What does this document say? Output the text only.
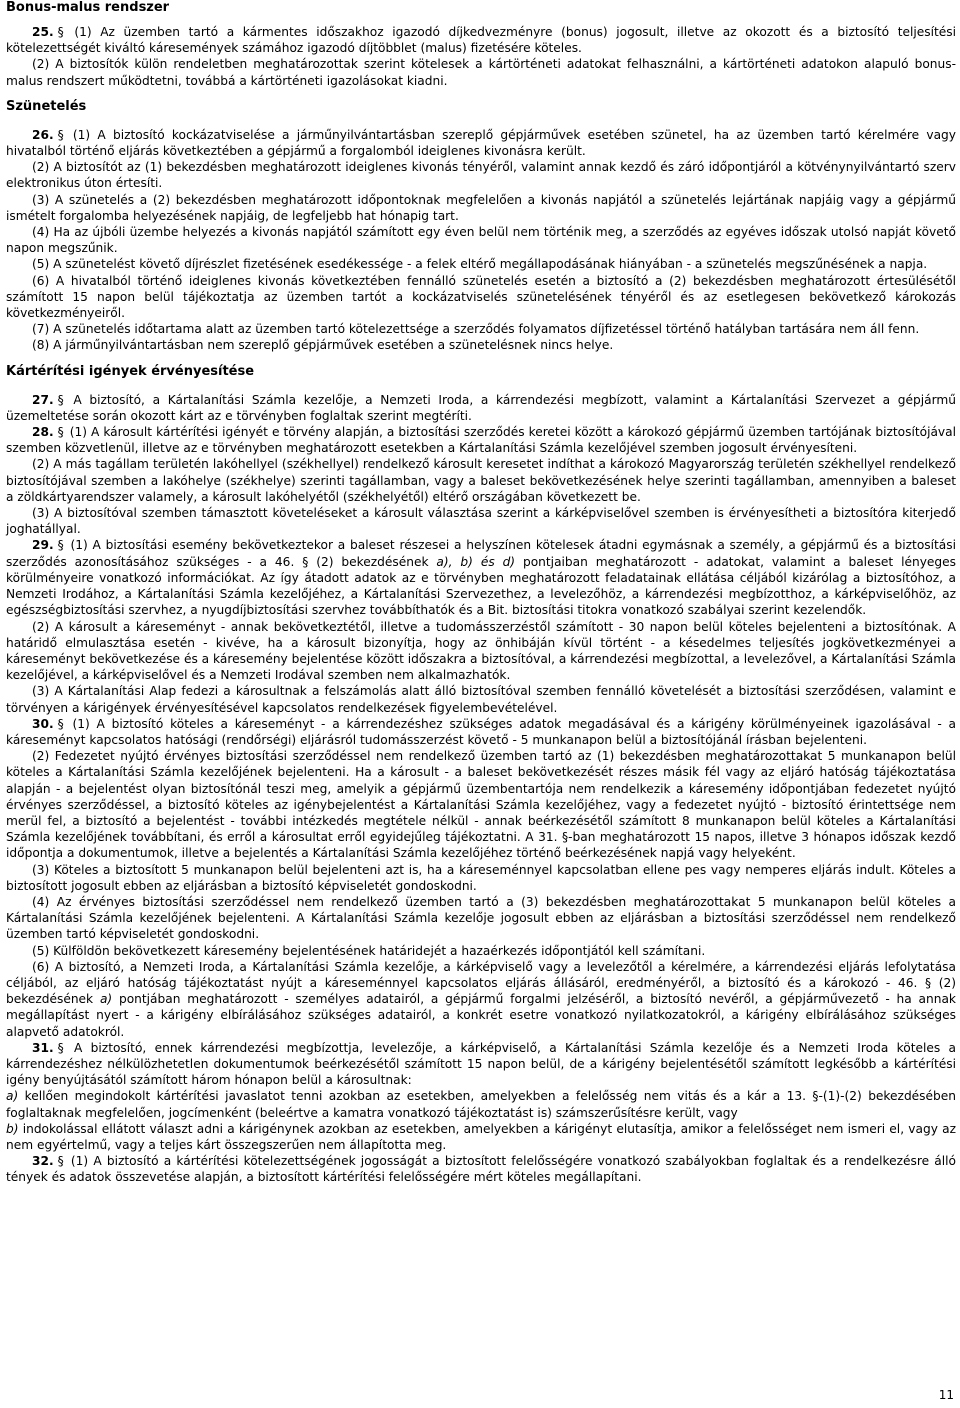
Bonus-malus rendszer

25. § (1) Az üzemben tartó a kármentes időszakhoz igazodó díjkedvezményre (bonus) jogosult, illetve az okozott és a biztosító teljesítési kötelezettségét kiváltó káresemények számához igazodó díjtöbblet (malus) fizetésére köteles.

(2) A biztosítók külön rendeletben meghatározottak szerint kötelesek a kártörténeti adatokat felhasználni, a kártörténeti adatokon alapuló bonus-malus rendszert működtetni, továbbá a kártörténeti igazolásokat kiadni.

Szünetelés

26. § (1) A biztosító kockázatviselése a járműnyilvántartásban szereplő gépjárművek esetében szünetel, ha az üzemben tartó kérelmére vagy hivatalból történő eljárás következtében a gépjármű a forgalomból ideiglenes kivonásra került.

(2) A biztosítót az (1) bekezdésben meghatározott ideiglenes kivonás tényéről, valamint annak kezdő és záró időpontjáról a kötvénynyilvántartó szerv elektronikus úton értesíti.

(3) A szünetelés a (2) bekezdésben meghatározott időpontoknak megfelelően a kivonás napjától a szünetelés lejártának napjáig vagy a gépjármű ismételt forgalomba helyezésének napjáig, de legfeljebb hat hónapig tart.

(4) Ha az újbóli üzembe helyezés a kivonás napjától számított egy éven belül nem történik meg, a szerződés az egyéves időszak utolsó napját követő napon megszűnik.

(5) A szünetelést követő díjrészlet fizetésének esedékessége - a felek eltérő megállapodásának hiányában - a szünetelés megszűnésének a napja.

(6) A hivatalból történő ideiglenes kivonás következtében fennálló szünetelés esetén a biztosító a (2) bekezdésben meghatározott értesülésétől számított 15 napon belül tájékoztatja az üzemben tartót a kockázatviselés szünetelésének tényéről és az esetlegesen bekövetkező károkozás következményeiről.

(7) A szünetelés időtartama alatt az üzemben tartó kötelezettsége a szerződés folyamatos díjfizetéssel történő hatályban tartására nem áll fenn.

(8) A járműnyilvántartásban nem szereplő gépjárművek esetében a szünetelésnek nincs helye.

Kártérítési igények érvényesítése

27. § A biztosító, a Kártalanítási Számla kezelője, a Nemzeti Iroda, a kárrendezési megbízott, valamint a Kártalanítási Szervezet a gépjármű üzemeltetése során okozott kárt az e törvényben foglaltak szerint megtéríti.

28. § (1) A károsult kártérítési igényét e törvény alapján, a biztosítási szerződés keretei között a károkozó gépjármű üzemben tartójának biztosítójával szemben közvetlenül, illetve az e törvényben meghatározott esetekben a Kártalanítási Számla kezelőjével szemben jogosult érvényesíteni.

(2) A más tagállam területén lakóhellyel (székhellyel) rendelkező károsult keresetet indíthat a károkozó Magyarország területén székhellyel rendelkező biztosítójával szemben a lakóhelye (székhelye) szerinti tagállamban, vagy a baleset bekövetkezésének helye szerinti tagállamban, amennyiben a baleset a zöldkártyarendszer valamely, a károsult lakóhelyétől (székhelyétől) eltérő országában következett be.

(3) A biztosítóval szemben támasztott követeléseket a károsult választása szerint a kárképviselővel szemben is érvényesítheti a biztosítóra kiterjedő joghatállyal.

29. § (1) A biztosítási esemény bekövetkeztekor a baleset részesei a helyszínen kötelesek átadni egymásnak a személy, a gépjármű és a biztosítási szerződés azonosításához szükséges - a 46. § (2) bekezdésének a), b) és d) pontjaiban meghatározott - adatokat, valamint a baleset lényeges körülményeire vonatkozó információkat. Az így átadott adatok az e törvényben meghatározott feladatainak ellátása céljából kizárólag a biztosítóhoz, a Nemzeti Irodához, a Kártalanítási Számla kezelőjéhez, a Kártalanítási Szervezethez, a levelezőhöz, a kárrendezési megbízotthoz, a kárképviselőhöz, az egészségbiztosítási szervhez, a nyugdíjbiztosítási szervhez továbbíthatók és a Bit. biztosítási titokra vonatkozó szabályai szerint kezelendők.

(2) A károsult a káreseményt - annak bekövetkeztétől, illetve a tudomásszerzéstől számított - 30 napon belül köteles bejelenteni a biztosítónak. A határidő elmulasztása esetén - kivéve, ha a károsult bizonyítja, hogy az önhibáján kívül történt - a késedelmes teljesítés jogkövetkezményei a káreseményt bekövetkezése és a káresemény bejelentése között időszakra a biztosítóval, a kárrendezési megbízottal, a levelezővel, a Kártalanítási Számla kezelőjével, a kárképviselővel és a Nemzeti Irodával szemben nem alkalmazhatók.

(3) A Kártalanítási Alap fedezi a károsultnak a felszámolás alatt álló biztosítóval szemben fennálló követelését a biztosítási szerződésen, valamint e törvényen a kárigények érvényesítésével kapcsolatos rendelkezések figyelembevételével.

30. § (1) A biztosító köteles a káreseményt - a kárrendezéshez szükséges adatok megadásával és a kárigény körülményeinek igazolásával - a káreseményt kapcsolatos hatósági (rendőrségi) eljárásról tudomásszerzést követő - 5 munkanapon belül a biztosítójánál írásban bejelenteni.

(2) Fedezetet nyújtó érvényes biztosítási szerződéssel nem rendelkező üzemben tartó az (1) bekezdésben meghatározottakat 5 munkanapon belül köteles a Kártalanítási Számla kezelőjének bejelenteni. Ha a károsult - a baleset bekövetkezését részes másik fél vagy az eljáró hatóság tájékoztatása alapján - a bejelentést olyan biztosítónál teszi meg, amelyik a gépjármű üzembentartója nem rendelkezik a káresemény időpontjában fedezetet nyújtó érvényes szerződéssel, a biztosító köteles az igénybejelentést a Kártalanítási Számla kezelőjéhez, vagy a fedezetet nyújtó - biztosító érintettsége nem merül fel, a biztosító a bejelentést - további intézkedés megtétele nélkül - annak beérkezésétől számított 8 munkanapon belül köteles a Kártalanítási Számla kezelőjének továbbítani, és erről a károsultat erről egyidejűleg tájékoztatni. A 31. §-ban meghatározott 15 napos, illetve 3 hónapos időszak kezdő időpontja a dokumentumok, illetve a bejelentés a Kártalanítási Számla kezelőjéhez történő beérkezésének napjá vagy helyeként.

(3) Köteles a biztosított 5 munkanapon belül bejelenteni azt is, ha a káreseménnyel kapcsolatban ellene pes vagy nemperes eljárás indult. Köteles a biztosított jogosult ebben az eljárásban a biztosító képviseletét gondoskodni.

(4) Az érvényes biztosítási szerződéssel nem rendelkező üzemben tartó a (3) bekezdésben meghatározottakat 5 munkanapon belül köteles a Kártalanítási Számla kezelőjének bejelenteni. A Kártalanítási Számla kezelője jogosult ebben az eljárásban a biztosítási szerződéssel nem rendelkező üzemben tartó képviseletét gondoskodni.

(5) Külföldön bekövetkezett káresemény bejelentésének határidejét a hazaérkezés időpontjától kell számítani.

(6) A biztosító, a Nemzeti Iroda, a Kártalanítási Számla kezelője, a kárképviselő vagy a levelezőtől a kérelmére, a kárrendezési eljárás lefolytatása céljából, az eljáró hatóság tájékoztatást nyújt a káreseménnyel kapcsolatos eljárás állásáról, eredményéről, a biztosító és a károkozó - 46. § (2) bekezdésének a) pontjában meghatározott - személyes adatairól, a gépjármű forgalmi jelzéséről, a biztosító nevéről, a gépjárművezető - ha annak megállapítást nyert - a kárigény elbírálásához szükséges adatairól, a konkrét esetre vonatkozó nyilatkozatokról, a kárigény elbírálásához szükséges alapvető adatokról.

31. § A biztosító, ennek kárrendezési megbízottja, levelezője, a kárképviselő, a Kártalanítási Számla kezelője és a Nemzeti Iroda köteles a kárrendezéshez nélkülözhetetlen dokumentumok beérkezésétől számított 15 napon belül, de a kárigény bejelentésétől számított legkésőbb a kártérítési igény benyújtásától számított három hónapon belül a károsultnak:

a) kellően megindokolt kártérítési javaslatot tenni azokban az esetekben, amelyekben a felelősség nem vitás és a kár a 13. §-(1)-(2) bekezdésében foglaltaknak megfelelően, jogcímenként (beleértve a kamatra vonatkozó tájékoztatást is) számszerűsítésre került, vagy

b) indokolással ellátott választ adni a kárigénynek azokban az esetekben, amelyekben a kárigényt elutasítja, amikor a felelősséget nem ismeri el, vagy az nem egyértelmű, vagy a teljes kárt összegszerűen nem állapította meg.

32. § (1) A biztosító a kártérítési kötelezettségének jogosságát a biztosított felelősségére vonatkozó szabályokban foglaltak és a rendelkezésre álló tények és adatok összevetése alapján, a biztosított kártérítési felelősségére mért köteles megállapítani.

11
